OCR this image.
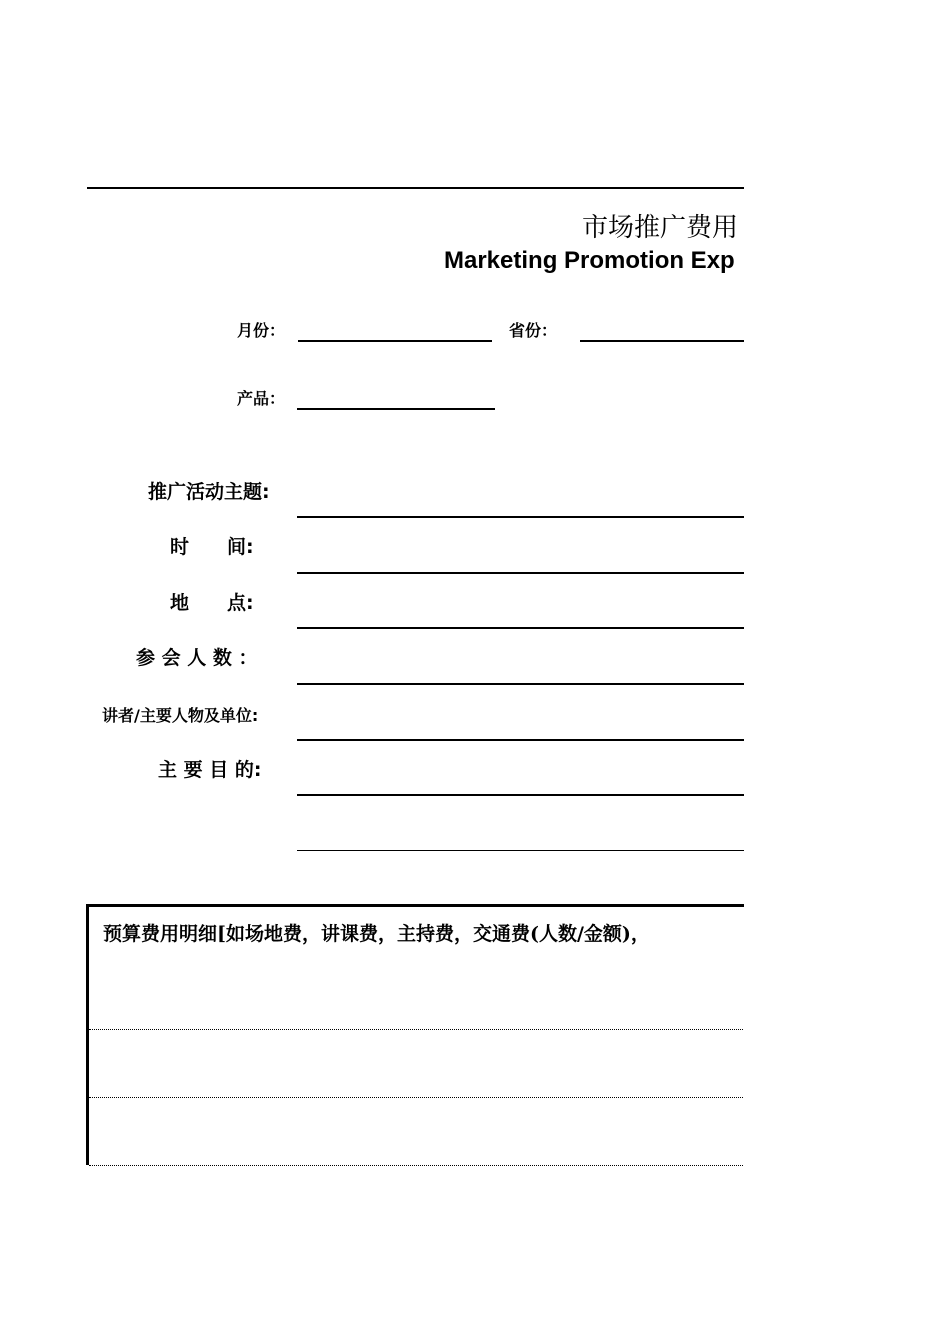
市场推广费用
Marketing Promotion Exp
月份：	省份：
产品：
推广活动主题:
时　　间:
地　　点:
参 会 人 数 ：
讲者/主要人物及单位:
主 要 目 的:
预算费用明细[如场地费，讲课费，主持费，交通费(人数/金额)，
